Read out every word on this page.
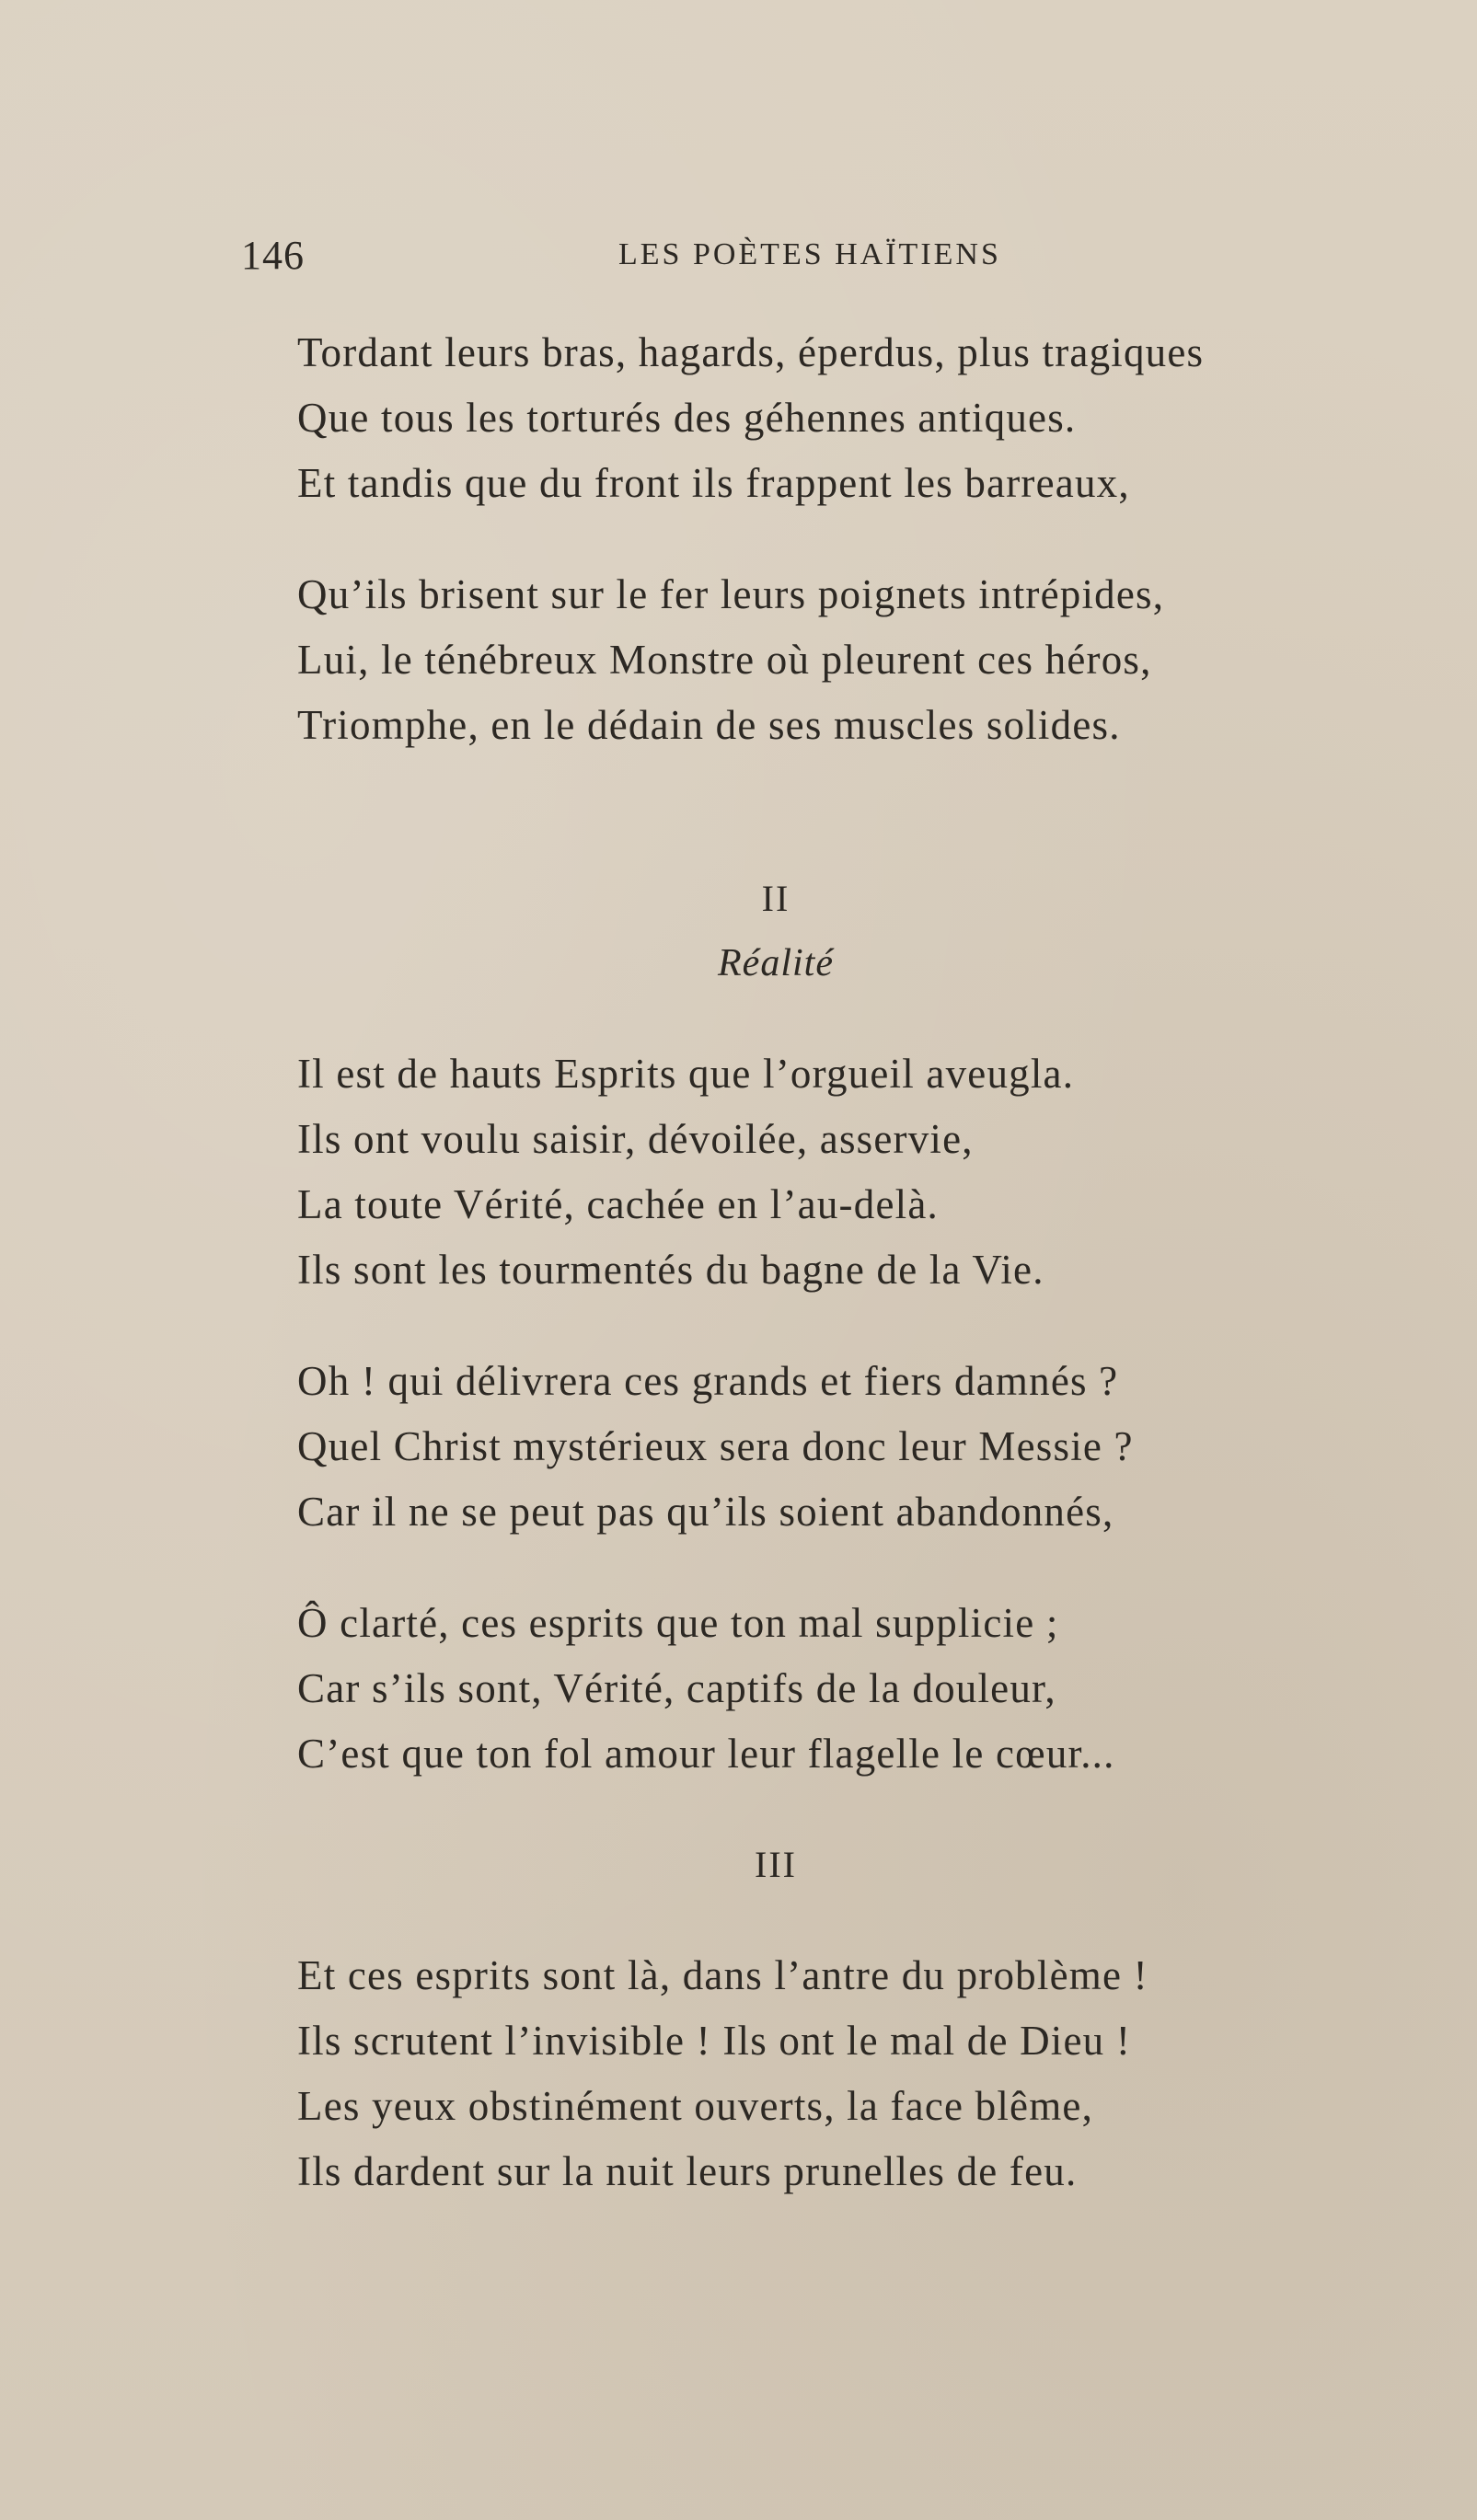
146	LES POÈTES HAÏTIENS
Tordant leurs bras, hagards, éperdus, plus tragiques
Que tous les torturés des géhennes antiques.
Et tandis que du front ils frappent les barreaux,
Qu’ils brisent sur le fer leurs poignets intrépides,
Lui, le ténébreux Monstre où pleurent ces héros,
Triomphe, en le dédain de ses muscles solides.
II
Réalité
Il est de hauts Esprits que l’orgueil aveugla.
Ils ont voulu saisir, dévoilée, asservie,
La toute Vérité, cachée en l’au-delà.
Ils sont les tourmentés du bagne de la Vie.
Oh ! qui délivrera ces grands et fiers damnés ?
Quel Christ mystérieux sera donc leur Messie ?
Car il ne se peut pas qu’ils soient abandonnés,
Ô clarté, ces esprits que ton mal supplicie ;
Car s’ils sont, Vérité, captifs de la douleur,
C’est que ton fol amour leur flagelle le cœur...
III
Et ces esprits sont là, dans l’antre du problème !
Ils scrutent l’invisible ! Ils ont le mal de Dieu !
Les yeux obstinément ouverts, la face blême,
Ils dardent sur la nuit leurs prunelles de feu.
